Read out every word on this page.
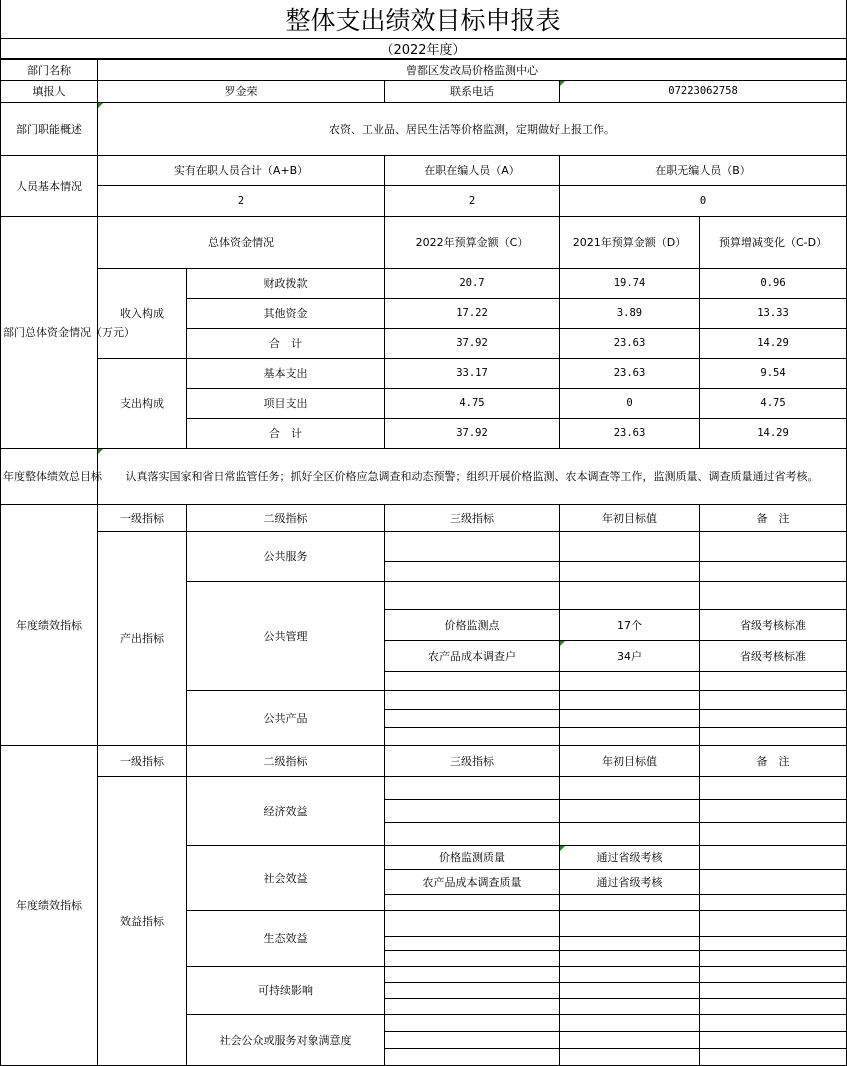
整体支出绩效目标申报表
（2022年度）
部门名称	曾都区发改局价格监测中心				
填报人	罗金荣		联系电话	07223062758	
部门职能概述	农资、工业品、居民生活等价格监测，定期做好上报工作。				
人员基本情况	实有在职人员合计（A+B）		在职在编人员（A）	在职无编人员（B）	
	2		2	0	
部门总体资金情况（万元）	总体资金情况		2022年预算金额（C）	2021年预算金额（D）	预算增减变化（C-D）
	收入构成	财政拨款	20.7	19.74	0.96
		其他资金	17.22	3.89	13.33
		合　计	37.92	23.63	14.29
	支出构成	基本支出	33.17	23.63	9.54
		项目支出	4.75	0	4.75
		合　计	37.92	23.63	14.29
年度整体绩效总目标	认真落实国家和省日常监管任务；抓好全区价格应急调查和动态预警；组织开展价格监测、农本调查等工作，监测质量、调查质量通过省考核。				
年度绩效指标	一级指标	二级指标	三级指标	年初目标值	备　注
	产出指标	公共服务			

		公共管理			
			价格监测点	17个	省级考核标准
			农产品成本调查户	34户	省级考核标准

		公共产品			

年度绩效指标	一级指标	二级指标	三级指标	年初目标值	备　注
	效益指标	经济效益			

		社会效益	价格监测质量	通过省级考核	
			农产品成本调查质量	通过省级考核	

		生态效益			

		可持续影响			

		社会公众或服务对象满意度			
